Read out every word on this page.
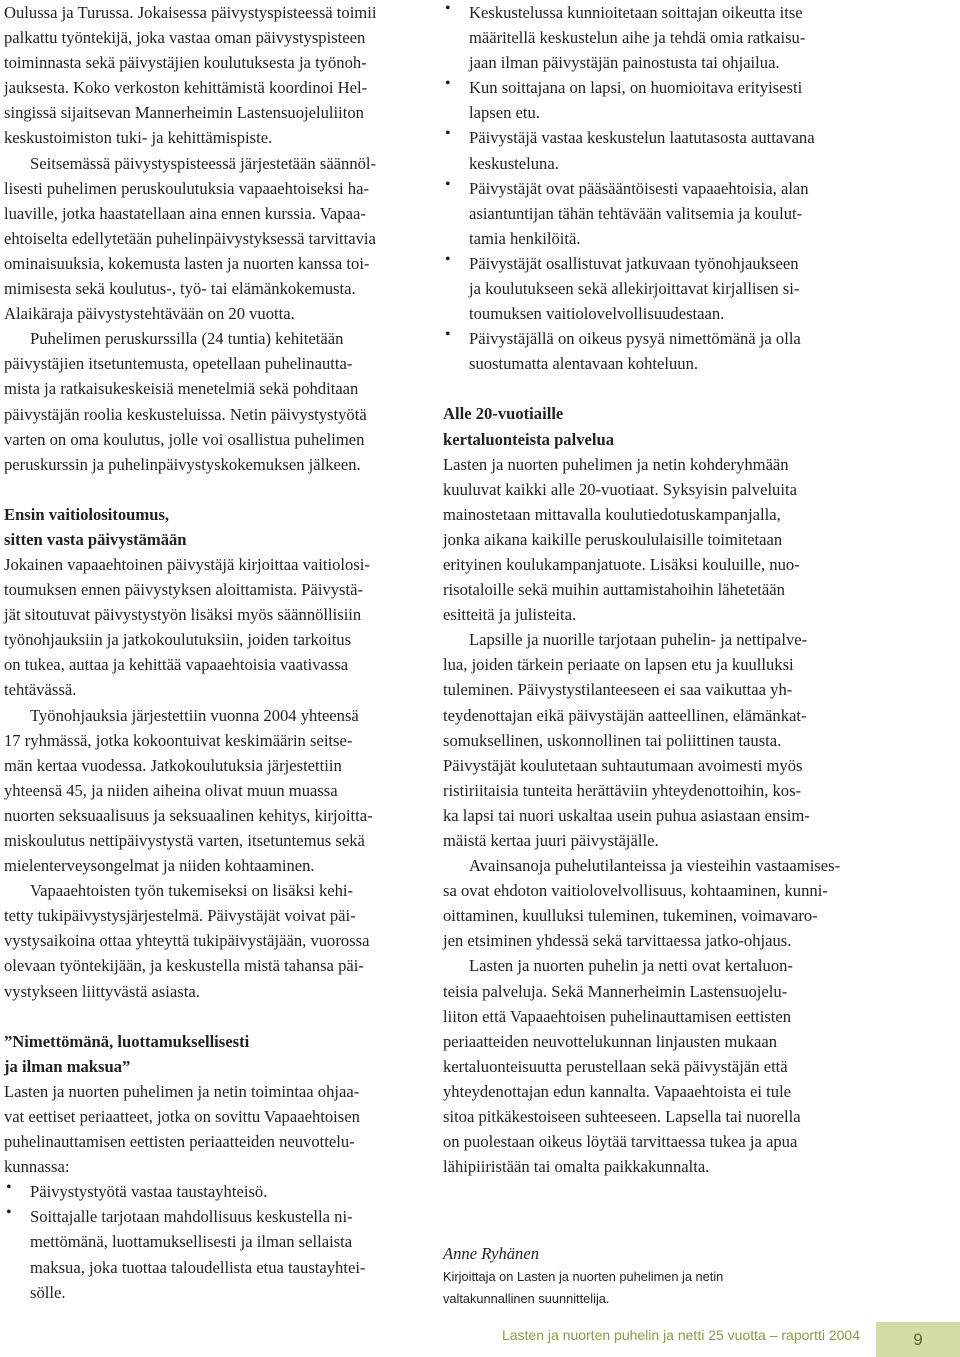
Oulussa ja Turussa. Jokaisessa päivystyspisteessä toimii
palkattu työntekijä, joka vastaa oman päivystyspisteen
toiminnasta sekä päivystäjien koulutuksesta ja työnoh-
jauksesta. Koko verkoston kehittämistä koordinoi Hel-
singissä sijaitsevan Mannerheimin Lastensuojeluliiton
keskustoimiston tuki- ja kehittämispiste.
Seitsemässä päivystyspisteessä järjestetään säännöl-
lisesti puhelimen peruskoulutuksia vapaaehtoiseksi ha-
luaville, jotka haastatellaan aina ennen kurssia. Vapaa-
ehtoiselta edellytetään puhelinpäivystyksessä tarvittavia
ominaisuuksia, kokemusta lasten ja nuorten kanssa toi-
mimisesta sekä koulutus-, työ- tai elämänkokemusta.
Alaikäraja päivystystehtävään on 20 vuotta.
Puhelimen peruskurssilla (24 tuntia) kehitetään
päivystäjien itsetuntemusta, opetellaan puhelinautta-
mista ja ratkaisukeskeisiä menetelmiä sekä pohditaan
päivystäjän roolia keskusteluissa. Netin päivystystyötä
varten on oma koulutus, jolle voi osallistua puhelimen
peruskurssin ja puhelinpäivystyskokemuksen jälkeen.
Ensin vaitiolositoumus,
sitten vasta päivystämään
Jokainen vapaaehtoinen päivystäjä kirjoittaa vaitiolosi-
toumuksen ennen päivystyksen aloittamista. Päivystä-
jät sitoutuvat päivystystyön lisäksi myös säännöllisiin
työnohjauksiin ja jatkokoulutuksiin, joiden tarkoitus
on tukea, auttaa ja kehittää vapaaehtoisia vaativassa
tehtävässä.
Työnohjauksia järjestettiin vuonna 2004 yhteensä
17 ryhmässä, jotka kokoontuivat keskimäärin seitse-
män kertaa vuodessa. Jatkokoulutuksia järjestettiin
yhteensä 45, ja niiden aiheina olivat muun muassa
nuorten seksuaalisuus ja seksuaalinen kehitys, kirjoitta-
miskoulutus nettipäivystystä varten, itsetuntemus sekä
mielenterveysongelmat ja niiden kohtaaminen.
Vapaaehtoisten työn tukemiseksi on lisäksi kehi-
tetty tukipäivystysjärjestelmä. Päivystäjät voivat päi-
vystysaikoina ottaa yhteyttä tukipäivystäjään, vuorossa
olevaan työntekijään, ja keskustella mistä tahansa päi-
vystykseen liittyvästä asiasta.
”Nimettömänä, luottamuksellisesti
ja ilman maksua”
Lasten ja nuorten puhelimen ja netin toimintaa ohjaa-
vat eettiset periaatteet, jotka on sovittu Vapaaehtoisen
puhelinauttamisen eettisten periaatteiden neuvottelu-
kunnassa:
• Päivystystyötä vastaa taustayhteisö.
• Soittajalle tarjotaan mahdollisuus keskustella ni-
mettömänä, luottamuksellisesti ja ilman sellaista
maksua, joka tuottaa taloudellista etua taustayhtei-
sölle.
• Keskustelussa kunnioitetaan soittajan oikeutta itse
määritellä keskustelun aihe ja tehdä omia ratkaisu-
jaan ilman päivystäjän painostusta tai ohjailua.
• Kun soittajana on lapsi, on huomioitava erityisesti
lapsen etu.
• Päivystäjä vastaa keskustelun laatutasosta auttavana
keskusteluna.
• Päivystäjät ovat pääsääntöisesti vapaaehtoisia, alan
asiantuntijan tähän tehtävään valitsemia ja koulut-
tamia henkilöitä.
• Päivystäjät osallistuvat jatkuvaan työnohjaukseen
ja koulutukseen sekä allekirjoittavat kirjallisen si-
toumuksen vaitiolovelvollisuudestaan.
• Päivystäjällä on oikeus pysyä nimettömänä ja olla
suostumatta alentavaan kohteluun.
Alle 20-vuotiaille
kertaluonteista palvelua
Lasten ja nuorten puhelimen ja netin kohderyhmään
kuuluvat kaikki alle 20-vuotiaat. Syksyisin palveluita
mainostetaan mittavalla koulutiedotuskampanjalla,
jonka aikana kaikille peruskoululaisille toimitetaan
erityinen koulukampanjatuote. Lisäksi kouluille, nuo-
risotaloille sekä muihin auttamistahoihin lähetetään
esitteitä ja julisteita.
Lapsille ja nuorille tarjotaan puhelin- ja nettipalve-
lua, joiden tärkein periaate on lapsen etu ja kuulluksi
tuleminen. Päivystystilanteeseen ei saa vaikuttaa yh-
teydenottajan eikä päivystäjän aatteellinen, elämänkat-
somuksellinen, uskonnollinen tai poliittinen tausta.
Päivystäjät koulutetaan suhtautumaan avoimesti myös
ristiriitaisia tunteita herättäviin yhteydenottoihin, kos-
ka lapsi tai nuori uskaltaa usein puhua asiastaan ensim-
mäistä kertaa juuri päivystäjälle.
Avainsanoja puhelutilanteissa ja viesteihin vastaamises-
sa ovat ehdoton vaitiolovelvollisuus, kohtaaminen, kunni-
oittaminen, kuulluksi tuleminen, tukeminen, voimavaro-
jen etsiminen yhdessä sekä tarvittaessa jatko-ohjaus.
Lasten ja nuorten puhelin ja netti ovat kertaluon-
teisia palveluja. Sekä Mannerheimin Lastensuojelu-
liiton että Vapaaehtoisen puhelinauttamisen eettisten
periaatteiden neuvottelukunnan linjausten mukaan
kertaluonteisuutta perustellaan sekä päivystäjän että
yhteydenottajan edun kannalta. Vapaaehtoista ei tule
sitoa pitkäkestoiseen suhteeseen. Lapsella tai nuorella
on puolestaan oikeus löytää tarvittaessa tukea ja apua
lähipiiristään tai omalta paikkakunnalta.
Anne Ryhänen
Kirjoittaja on Lasten ja nuorten puhelimen ja netin
valtakunnallinen suunnittelija.
Lasten ja nuorten puhelin ja netti 25 vuotta – raportti 2004	9
